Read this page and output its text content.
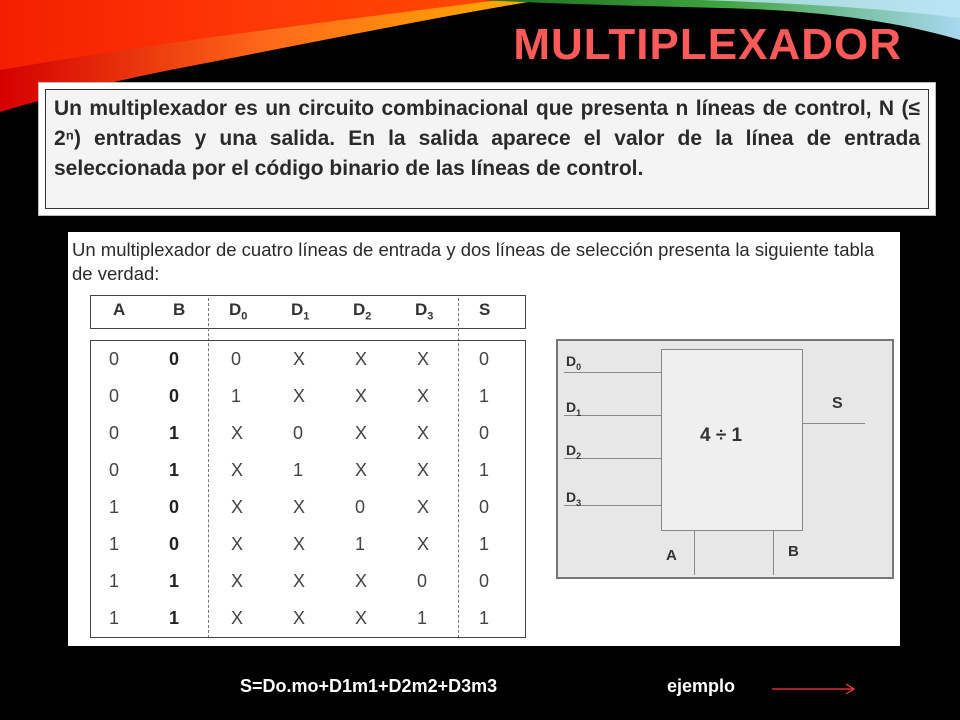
MULTIPLEXADOR
Un multiplexador es un circuito combinacional que presenta n líneas de control, N (≤ 2ⁿ) entradas y una salida. En la salida aparece el valor de la línea de entrada seleccionada por el código binario de las líneas de control.
Un multiplexador de cuatro líneas de entrada y dos líneas de selección presenta la siguiente tabla de verdad:
A	B	$D_0$	$D_1$	$D_2$	$D_3$	S
0	0	0	X	X	X	0
0	0	1	X	X	X	1
0	1	X	0	X	X	0
0	1	X	1	X	X	1
1	0	X	X	0	X	0
1	0	X	X	1	X	1
1	1	X	X	X	0	0
1	1	X	X	X	1	1
4 ÷ 1
$D_0$
$D_1$
$D_2$
$D_3$
S
A	B
S=Do.mo+D1m1+D2m2+D3m3	ejemplo
